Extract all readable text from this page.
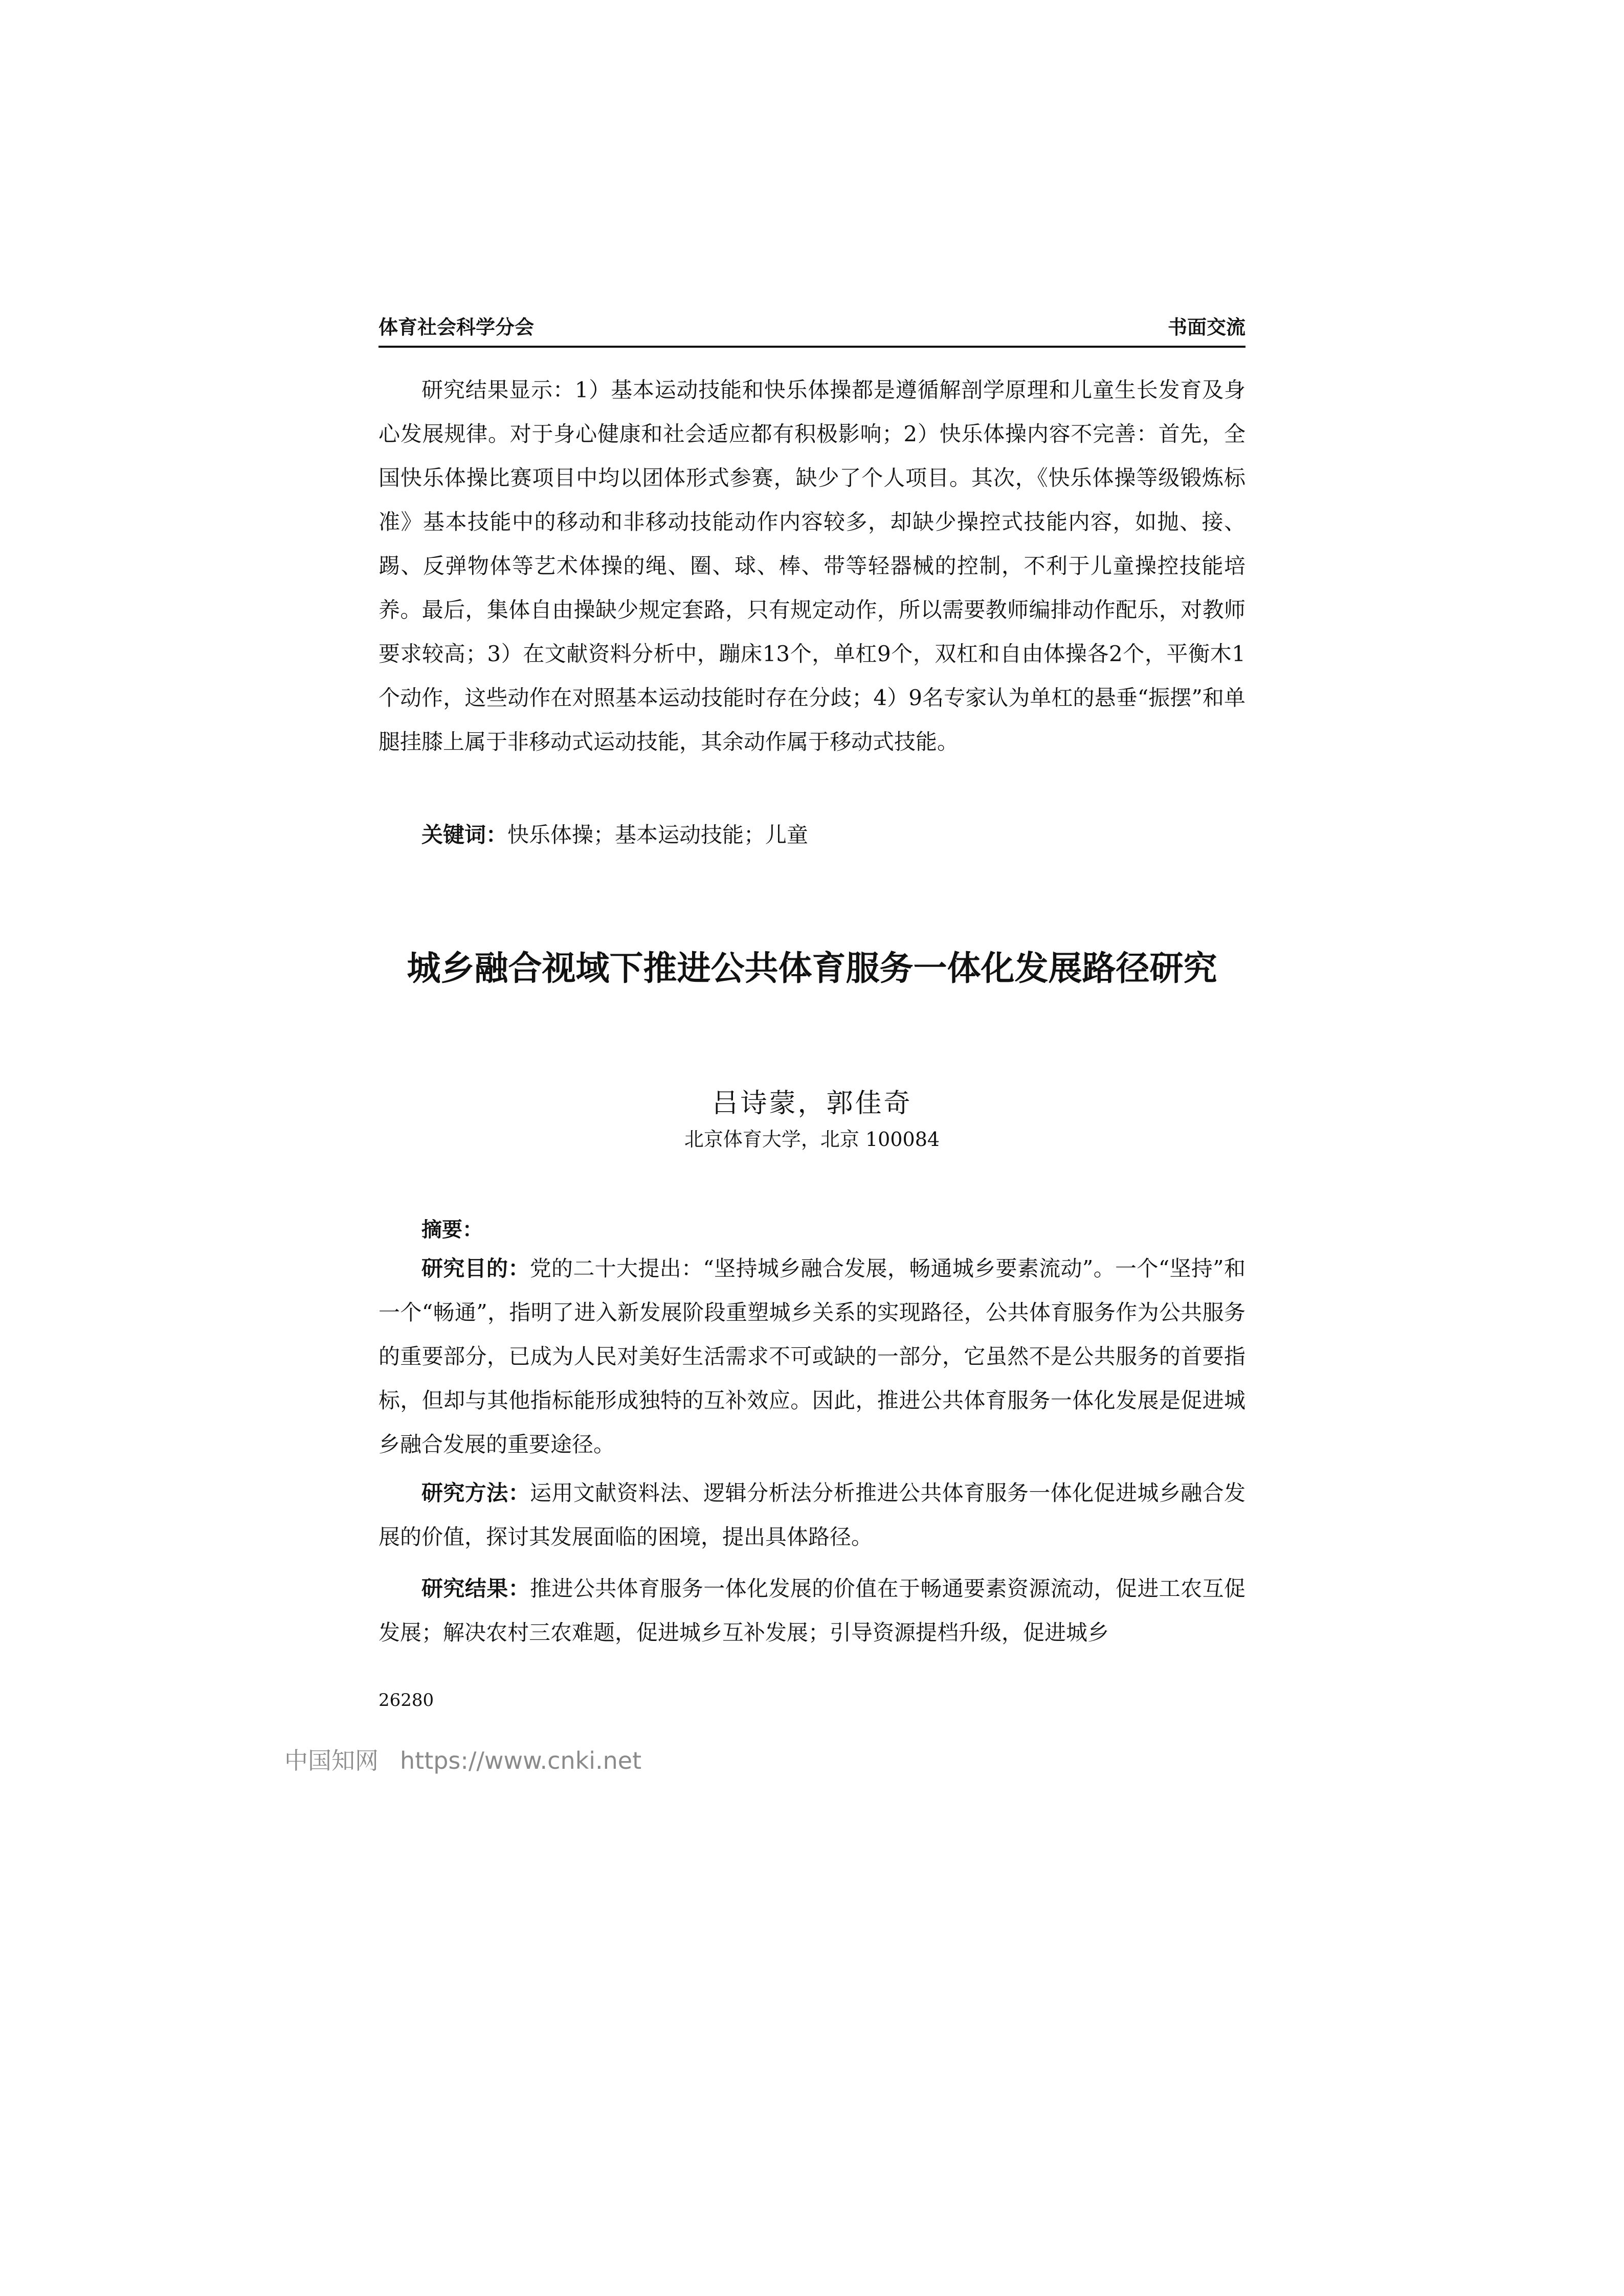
体育社会科学分会	书面交流

研究结果显示：1）基本运动技能和快乐体操都是遵循解剖学原理和儿童生长发育及身心发展规律。对于身心健康和社会适应都有积极影响；2）快乐体操内容不完善：首先，全国快乐体操比赛项目中均以团体形式参赛，缺少了个人项目。其次，《快乐体操等级锻炼标准》基本技能中的移动和非移动技能动作内容较多，却缺少操控式技能内容，如抛、接、踢、反弹物体等艺术体操的绳、圈、球、棒、带等轻器械的控制，不利于儿童操控技能培养。最后，集体自由操缺少规定套路，只有规定动作，所以需要教师编排动作配乐，对教师要求较高；3）在文献资料分析中，蹦床13个，单杠9个，双杠和自由体操各2个，平衡木1个动作，这些动作在对照基本运动技能时存在分歧；4）9名专家认为单杠的悬垂“振摆”和单腿挂膝上属于非移动式运动技能，其余动作属于移动式技能。

关键词：快乐体操；基本运动技能；儿童

城乡融合视域下推进公共体育服务一体化发展路径研究
吕诗蒙，郭佳奇
北京体育大学，北京 100084
摘要：

研究目的：党的二十大提出：“坚持城乡融合发展，畅通城乡要素流动”。一个“坚持”和一个“畅通”，指明了进入新发展阶段重塑城乡关系的实现路径，公共体育服务作为公共服务的重要部分，已成为人民对美好生活需求不可或缺的一部分，它虽然不是公共服务的首要指标，但却与其他指标能形成独特的互补效应。因此，推进公共体育服务一体化发展是促进城乡融合发展的重要途径。

研究方法：运用文献资料法、逻辑分析法分析推进公共体育服务一体化促进城乡融合发展的价值，探讨其发展面临的困境，提出具体路径。

研究结果：推进公共体育服务一体化发展的价值在于畅通要素资源流动，促进工农互促发展；解决农村三农难题，促进城乡互补发展；引导资源提档升级，促进城乡

26280
中国知网 https://www.cnki.net
